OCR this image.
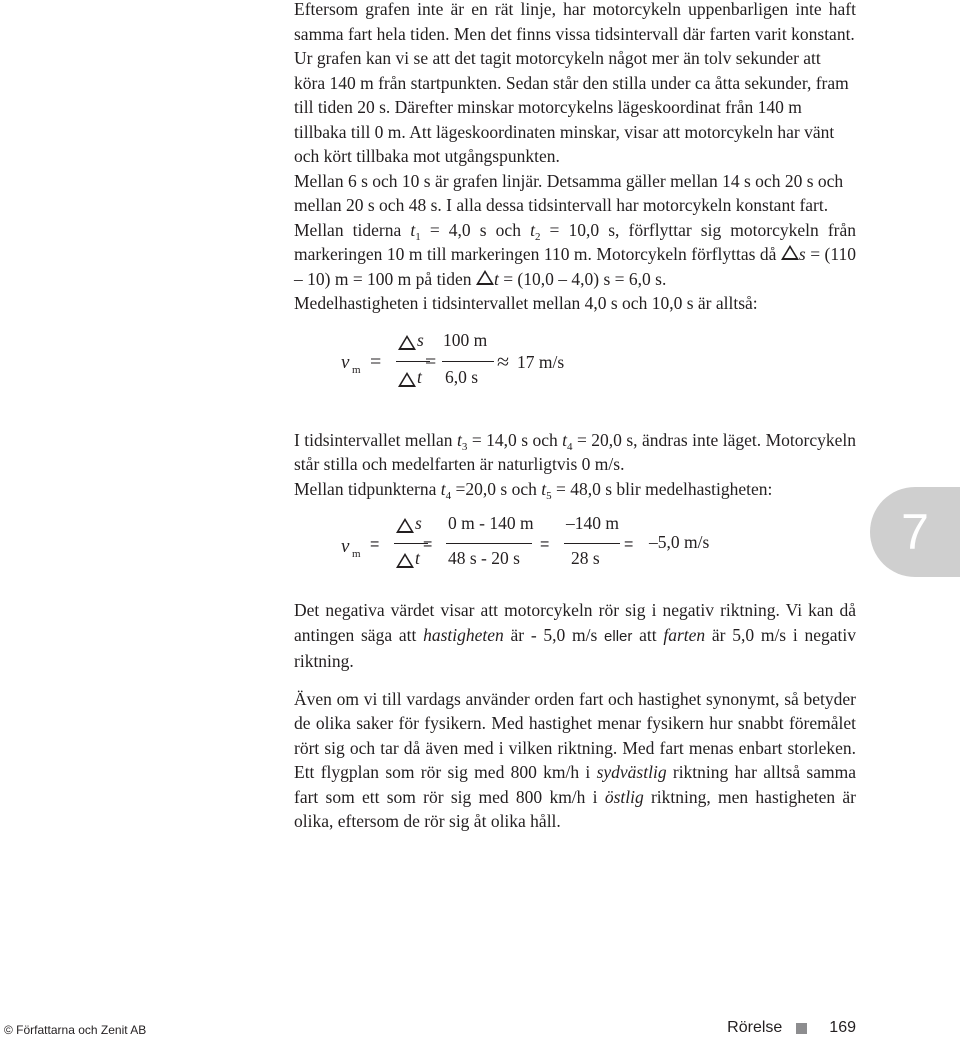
Eftersom grafen inte är en rät linje, har motorcykeln uppenbarligen inte haft samma fart hela tiden. Men det finns vissa tidsintervall där farten varit konstant.

Ur grafen kan vi se att det tagit motorcykeln något mer än tolv sekunder att köra 140 m från startpunkten. Sedan står den stilla under ca åtta sekunder, fram till tiden 20 s. Därefter minskar motorcykelns lägeskoordinat från 140 m tillbaka till 0 m. Att lägeskoordinaten minskar, visar att motorcykeln har vänt och kört tillbaka mot utgångspunkten.

Mellan 6 s och 10 s är grafen linjär. Detsamma gäller mellan 14 s och 20 s och mellan 20 s och 48 s. I alla dessa tidsintervall har motorcykeln konstant fart.

Mellan tiderna $t_1 = 4,0$ s och $t_2 = 10,0$ s, förflyttar sig motorcykeln från markeringen 10 m till markeringen 110 m. Motorcykeln förflyttas då s = (110 – 10) m = 100 m på tiden t = (10,0 – 4,0) s = 6,0 s.

Medelhastigheten i tidsintervallet mellan 4,0 s och 10,0 s är alltså:

v m =
s
t
=
100 m
6,0 s
≈ 17 m/s

I tidsintervallet mellan $t_3 = 14,0$ s och $t_4 = 20,0$ s, ändras inte läget. Motorcykeln står stilla och medelfarten är naturligtvis 0 m/s.

Mellan tidpunkterna $t_4 =20,0$ s och $t_5 = 48,0$ s blir medelhastigheten:

v m
=
s
t
=
0 m - 140 m
48 s - 20 s
=
–140 m
28 s
= –5,0 m/s

Det negativa värdet visar att motorcykeln rör sig i negativ riktning. Vi kan då antingen säga att hastigheten är - 5,0 m/s eller att farten är 5,0 m/s i negativ riktning.

Även om vi till vardags använder orden fart och hastighet synonymt, så betyder de olika saker för fysikern. Med hastighet menar fysikern hur snabbt föremålet rört sig och tar då även med i vilken riktning. Med fart menas enbart storleken. Ett flygplan som rör sig med 800 km/h i sydvästlig riktning har alltså samma fart som ett som rör sig med 800 km/h i östlig riktning, men hastigheten är olika, eftersom de rör sig åt olika håll.

7
© Författarna och Zenit AB	Rörelse	169
